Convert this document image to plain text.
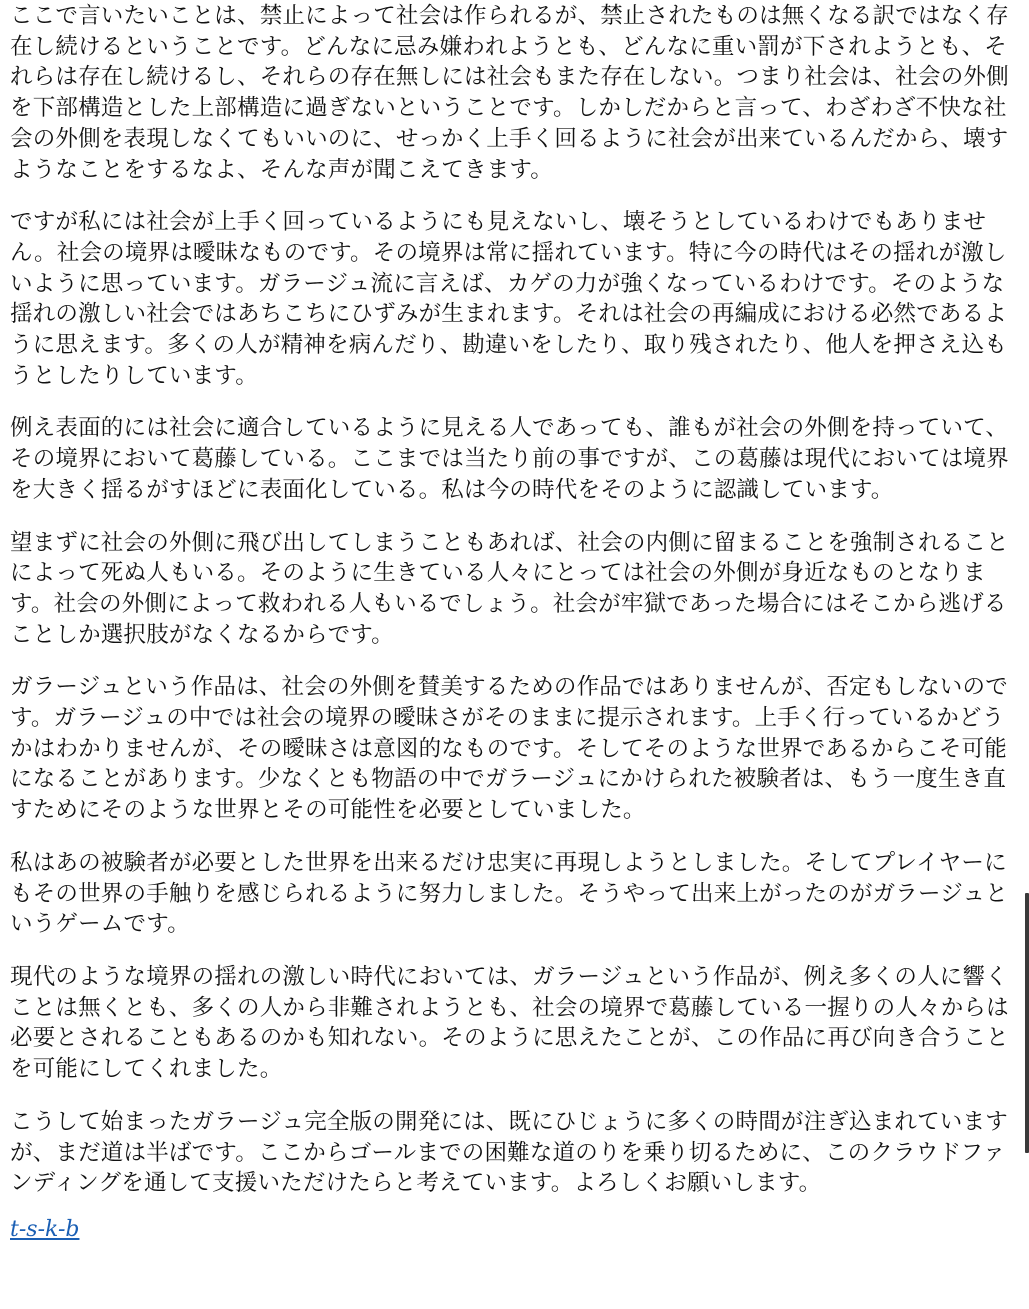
ここで言いたいことは、禁止によって社会は作られるが、禁止されたものは無くなる訳ではなく存在し続けるということです。どんなに忌み嫌われようとも、どんなに重い罰が下されようとも、それらは存在し続けるし、それらの存在無しには社会もまた存在しない。つまり社会は、社会の外側を下部構造とした上部構造に過ぎないということです。しかしだからと言って、わざわざ不快な社会の外側を表現しなくてもいいのに、せっかく上手く回るように社会が出来ているんだから、壊すようなことをするなよ、そんな声が聞こえてきます。

ですが私には社会が上手く回っているようにも見えないし、壊そうとしているわけでもありません。社会の境界は曖昧なものです。その境界は常に揺れています。特に今の時代はその揺れが激しいように思っています。ガラージュ流に言えば、カゲの力が強くなっているわけです。そのような揺れの激しい社会ではあちこちにひずみが生まれます。それは社会の再編成における必然であるように思えます。多くの人が精神を病んだり、勘違いをしたり、取り残されたり、他人を押さえ込もうとしたりしています。

例え表面的には社会に適合しているように見える人であっても、誰もが社会の外側を持っていて、その境界において葛藤している。ここまでは当たり前の事ですが、この葛藤は現代においては境界を大きく揺るがすほどに表面化している。私は今の時代をそのように認識しています。

望まずに社会の外側に飛び出してしまうこともあれば、社会の内側に留まることを強制されることによって死ぬ人もいる。そのように生きている人々にとっては社会の外側が身近なものとなります。社会の外側によって救われる人もいるでしょう。社会が牢獄であった場合にはそこから逃げることしか選択肢がなくなるからです。

ガラージュという作品は、社会の外側を賛美するための作品ではありませんが、否定もしないのです。ガラージュの中では社会の境界の曖昧さがそのままに提示されます。上手く行っているかどうかはわかりませんが、その曖昧さは意図的なものです。そしてそのような世界であるからこそ可能になることがあります。少なくとも物語の中でガラージュにかけられた被験者は、もう一度生き直すためにそのような世界とその可能性を必要としていました。

私はあの被験者が必要とした世界を出来るだけ忠実に再現しようとしました。そしてプレイヤーにもその世界の手触りを感じられるように努力しました。そうやって出来上がったのがガラージュというゲームです。

現代のような境界の揺れの激しい時代においては、ガラージュという作品が、例え多くの人に響くことは無くとも、多くの人から非難されようとも、社会の境界で葛藤している一握りの人々からは必要とされることもあるのかも知れない。そのように思えたことが、この作品に再び向き合うことを可能にしてくれました。

こうして始まったガラージュ完全版の開発には、既にひじょうに多くの時間が注ぎ込まれていますが、まだ道は半ばです。ここからゴールまでの困難な道のりを乗り切るために、このクラウドファンディングを通して支援いただけたらと考えています。よろしくお願いします。

t-s-k-b
